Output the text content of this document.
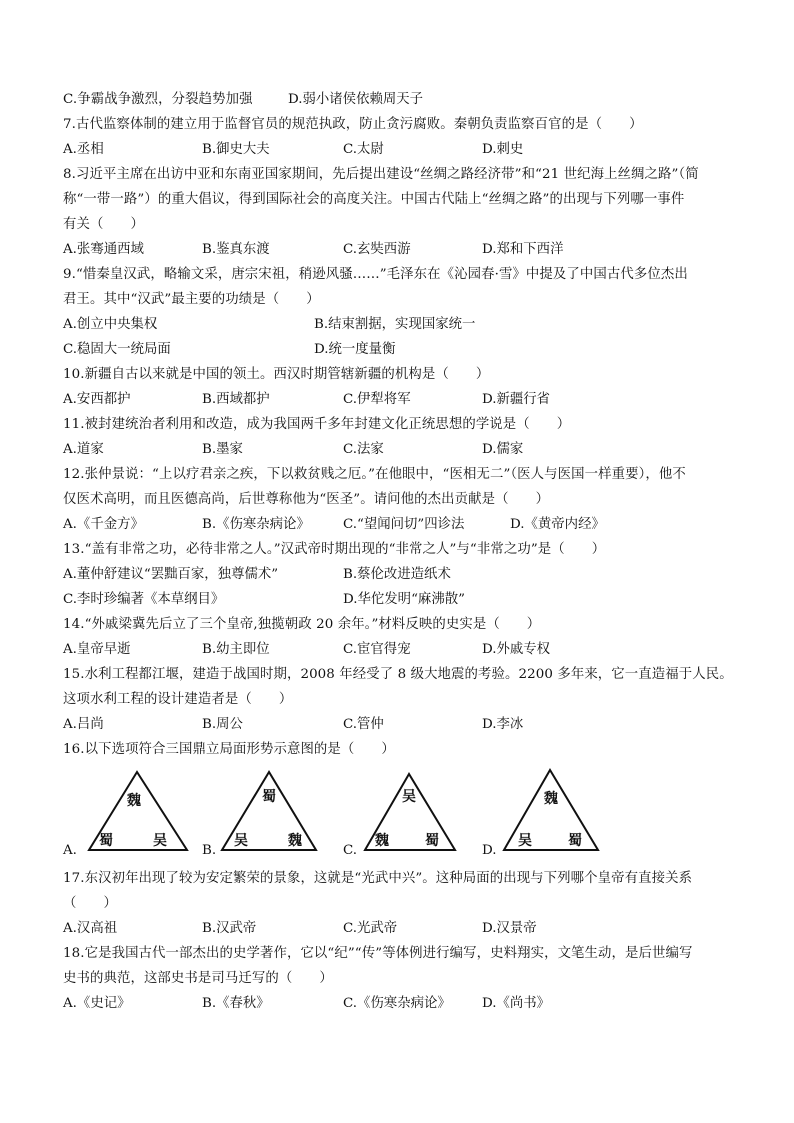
C.争霸战争激烈，分裂趋势加强	D.弱小诸侯依赖周天子
7.古代监察体制的建立用于监督官员的规范执政，防止贪污腐败。秦朝负责监察百官的是（　　）
A.丞相	B.御史大夫	C.太尉	D.刺史
8.习近平主席在出访中亚和东南亚国家期间，先后提出建设“丝绸之路经济带”和“21 世纪海上丝绸之路”（简
称“一带一路”）的重大倡议，得到国际社会的高度关注。中国古代陆上“丝绸之路”的出现与下列哪一事件
有关（　　）
A.张骞通西域	B.鉴真东渡	C.玄奘西游	D.郑和下西洋
9.“惜秦皇汉武，略输文采，唐宗宋祖，稍逊风骚……”毛泽东在《沁园春·雪》中提及了中国古代多位杰出
君王。其中“汉武”最主要的功绩是（　　）
A.创立中央集权	B.结束割据，实现国家统一
C.稳固大一统局面	D.统一度量衡
10.新疆自古以来就是中国的领土。西汉时期管辖新疆的机构是（　　）
A.安西都护	B.西域都护	C.伊犁将军	D.新疆行省
11.被封建统治者利用和改造，成为我国两千多年封建文化正统思想的学说是（　　）
A.道家	B.墨家	C.法家	D.儒家
12.张仲景说：“上以疗君亲之疾，下以救贫贱之厄。”在他眼中，“医相无二”（医人与医国一样重要），他不
仅医术高明，而且医德高尚，后世尊称他为“医圣”。请问他的杰出贡献是（　　）
A.《千金方》	B.《伤寒杂病论》 C.“望闻问切”四诊法	D.《黄帝内经》
13.“盖有非常之功，必待非常之人。”汉武帝时期出现的“非常之人”与“非常之功”是（　　）
A.董仲舒建议“罢黜百家，独尊儒术”	B.蔡伦改进造纸术
C.李时珍编著《本草纲目》	D.华佗发明“麻沸散”
14.“外戚梁冀先后立了三个皇帝,独揽朝政 20 余年。”材料反映的史实是（　　）
A.皇帝早逝	B.幼主即位	C.宦官得宠	D.外戚专权
15.水利工程都江堰，建造于战国时期，2008 年经受了 8 级大地震的考验。2200 多年来，它一直造福于人民。
这项水利工程的设计建造者是（　　）
A.吕尚	B.周公	C.管仲	D.李冰
16.以下选项符合三国鼎立局面形势示意图的是（　　）
A.
魏
蜀	吴
B.
蜀
吴	魏
C.
吴
魏	蜀
D.
魏
吴	蜀
17.东汉初年出现了较为安定繁荣的景象，这就是“光武中兴”。这种局面的出现与下列哪个皇帝有直接关系
（　　）
A.汉高祖	B.汉武帝	C.光武帝	D.汉景帝
18.它是我国古代一部杰出的史学著作，它以“纪”“传”等体例进行编写，史料翔实，文笔生动，是后世编写
史书的典范，这部史书是司马迁写的（　　）
A.《史记》	B.《春秋》	C.《伤寒杂病论》 D.《尚书》
